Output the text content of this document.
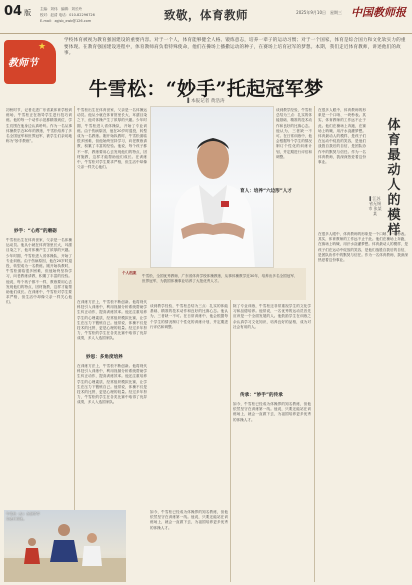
04 版	主编：刘伟　编辑：刘长玲
校对：赵清 电话：010-82296726
E-mail：zgjsb_xwb@126.com	致敬，体育教师	2025年9月10日　星期三 中国教师报
★
教师节
学校体育被视为教育强国建设的重要内容。对于一个人，体育能够健全人格、锻炼意志，培养一辈子的运动习惯；对于一个国家，体育是综合国力和文化软实力的重要体现。在教育强国建设进程中，体育教师肩负着特殊使命，他们在操场上播撒运动的种子，在赛场上培育冠军的梦想。本期，我们走近体育教师，讲述他们的故事。
牛雪松：“妙手”托起冠军梦
▌本报记者 黄浩涛
初秋时节，记者走进广东省某体育学校训练场，牛雪松正在指导学生进行技巧训练。他的每一个动作示范都精准到位，学生们围在他身边认真聆听。作为一名从事体操教学近30年的教练，牛雪松培养了多名全国冠军和世界冠军，被学生们亲切地称为“妙手教练”。
妙手：“心疼”的磨砺
牛雪松出生在体育世家，父亲是一名体操运动员。他从小就在体育馆里长大，耳濡目染之下，他对体操产生了浓厚的兴趣。少年时期，牛雪松进入省体操队，开始了专业训练。由于伤病原因，他在20岁时退役，转型成为一名教练。刚开始执教时，牛雪松面临很多困难，但他始终坚持学习，向老教练请教，积累了丰富的经验。他说，每个孩子都不一样，教练要用心去发现他们的特点，因材施教，这样才能帮助他们成长。在训练中，牛雪松对学生要求严格，但生活中却像父亲一样关心他们。
牛雪松出生在体育世家，父亲是一名体操运动员。他从小就在体育馆里长大，耳濡目染之下，他对体操产生了浓厚的兴趣。少年时期，牛雪松进入省体操队，开始了专业训练。由于伤病原因，他在20岁时退役，转型成为一名教练。刚开始执教时，牛雪松面临很多困难，但他始终坚持学习，向老教练请教，积累了丰富的经验。他说，每个孩子都不一样，教练要用心去发现他们的特点，因材施教，这样才能帮助他们成长。在训练中，牛雪松对学生要求严格，但生活中却像父亲一样关心他们。
妙思：多角度培养
在训练方法上，牛雪松不断创新。他将现代科技引入训练中，利用视频分析系统帮助学生纠正动作，提高训练效率。他还注重培养学生的心理素质，经常组织模拟比赛，让学生在压力下锻炼自己。他常说，体操不仅是技术的比拼，更是心理的较量。经过多年努力，牛雪松的学生在各类比赛中取得了优异成绩，多人入选国家队。
在训练方法上，牛雪松不断创新。他将现代科技引入训练中，利用视频分析系统帮助学生纠正动作，提高训练效率。他还注重培养学生的心理素质，经常组织模拟比赛，让学生在压力下锻炼自己。他常说，体操不仅是技术的比拼，更是心理的较量。经过多年努力，牛雪松的学生在各类比赛中取得了优异成绩，多人入选国家队。
谈到教学经验，牛雪松总结为三点：扎实的体能基础、精准的技术动作和良好的比赛心态。他认为，三者缺一不可。在日常训练中，他会根据每个学生的情况制订个性化的训练计划，并定期进行评估和调整。
个人档案
牛雪松，全国优秀教师，广东省体育学校体操教练，从事体操教学近30年，培养出多名全国冠军、世界冠军，为我国体操事业培养了大批优秀人才。
谈到教学经验，牛雪松总结为三点：扎实的体能基础、精准的技术动作和良好的比赛心态。他认为，三者缺一不可。在日常训练中，他会根据每个学生的情况制订个性化的训练计划，并定期进行评估和调整。
如今，牛雪松已经成为体操界的知名教练，但他依然坚守在训练第一线。他说，只要还能站在训练场上，就会一直做下去，为祖国培养更多优秀的体操人才。
育人：培养“六边形”人才
除了专业训练，牛雪松还非常重视学生的文化学习和品德培养。他常说，一名优秀的运动员首先应该是一个全面发展的人。他鼓励学生在训练之余认真学习文化知识，培养良好的品格，成为对社会有用的人。
传承：“妙手”的传承
如今，牛雪松已经成为体操界的知名教练，但他依然坚守在训练第一线。他说，只要还能站在训练场上，就会一直做下去，为祖国培养更多优秀的体操人才。
牛雪松（左）在指导学生进行训练。
体育最动人的模样
▌江苏省无锡市 张某某
在很多人眼中，体育教师的形象是一个口哨、一块秒表。其实，体育教师的工作远不止于此。他们在操场上奔跑，在赛场上呐喊，用汗水浇灌梦想。体育最动人的模样，是孩子们在运动中绽放的笑容，是他们战胜自我后的自信，是团队协作中的默契与信任。作为一名体育教师，我深深热爱着这份事业。
在很多人眼中，体育教师的形象是一个口哨、一块秒表。其实，体育教师的工作远不止于此。他们在操场上奔跑，在赛场上呐喊，用汗水浇灌梦想。体育最动人的模样，是孩子们在运动中绽放的笑容，是他们战胜自我后的自信，是团队协作中的默契与信任。作为一名体育教师，我深深热爱着这份事业。
